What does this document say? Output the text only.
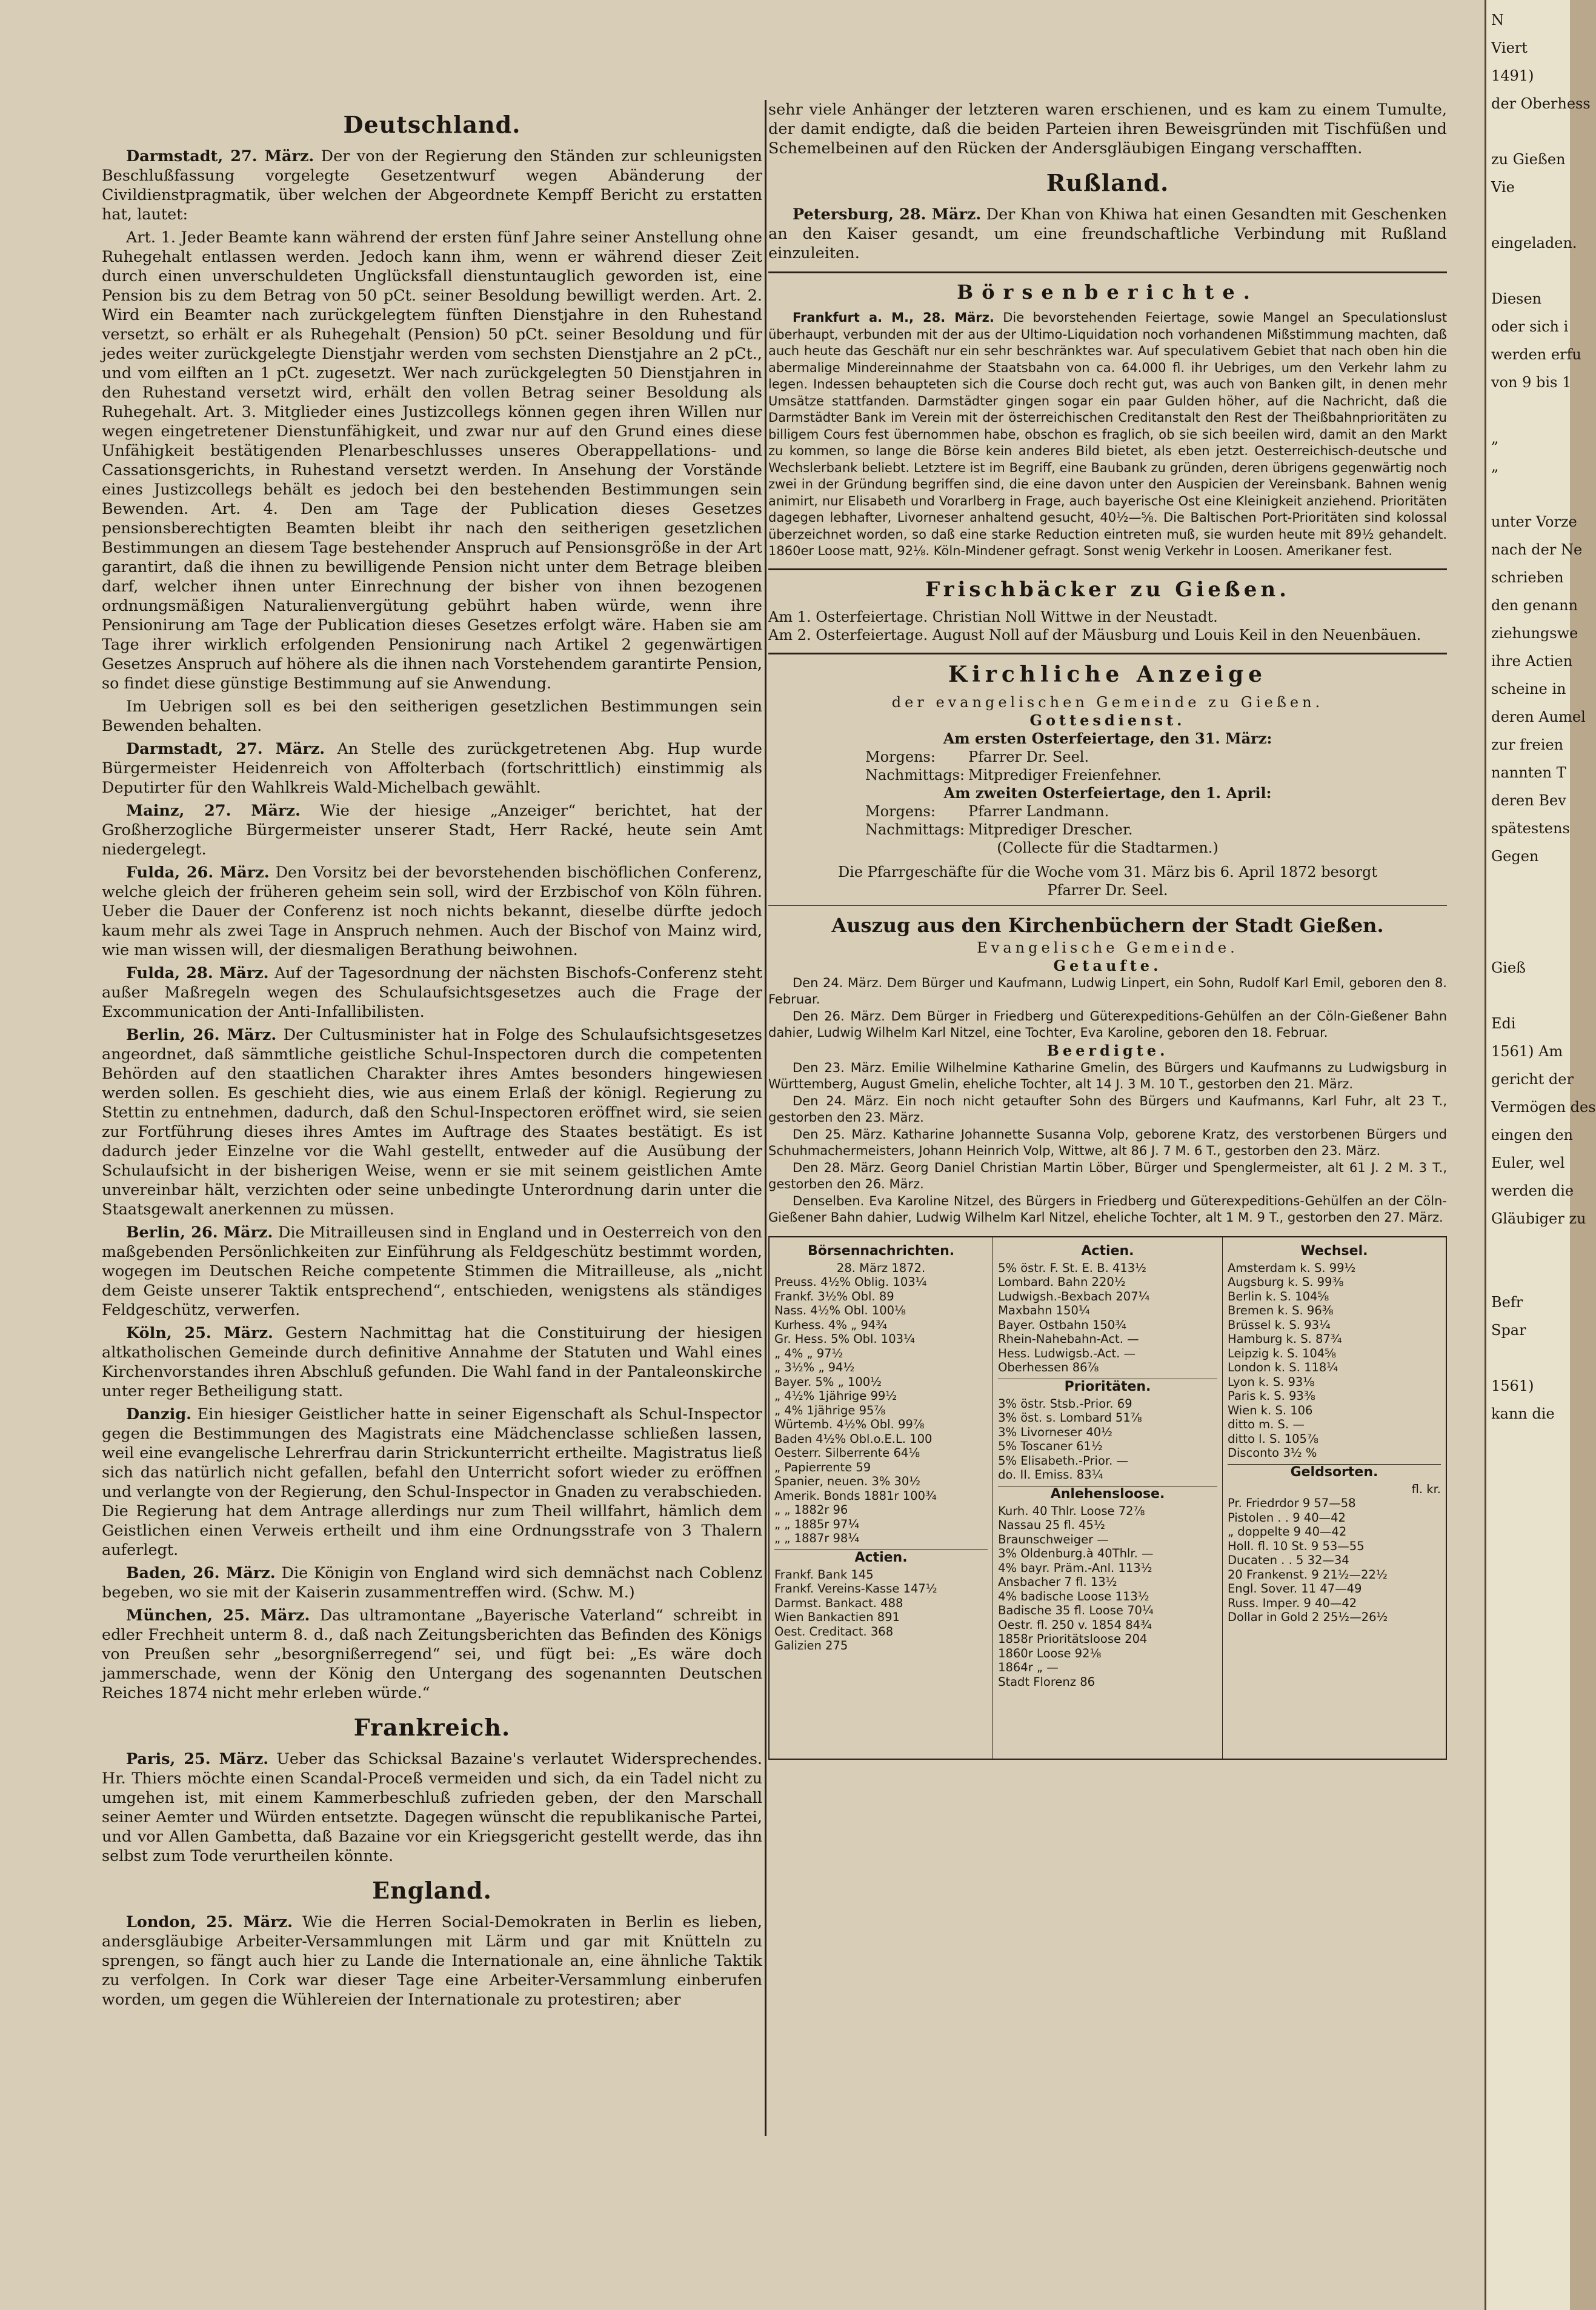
Deutschland.

Darmstadt, 27. März. Der von der Regierung den Ständen zur schleunigsten Beschlußfassung vorgelegte Gesetzentwurf wegen Abänderung der Civildienstpragmatik, über welchen der Abgeordnete Kempff Bericht zu erstatten hat, lautet:

Art. 1. Jeder Beamte kann während der ersten fünf Jahre seiner Anstellung ohne Ruhegehalt entlassen werden. Jedoch kann ihm, wenn er während dieser Zeit durch einen unverschuldeten Unglücksfall dienstuntauglich geworden ist, eine Pension bis zu dem Betrag von 50 pCt. seiner Besoldung bewilligt werden. Art. 2. Wird ein Beamter nach zurückgelegtem fünften Dienstjahre in den Ruhestand versetzt, so erhält er als Ruhegehalt (Pension) 50 pCt. seiner Besoldung und für jedes weiter zurückgelegte Dienstjahr werden vom sechsten Dienstjahre an 2 pCt., und vom eilften an 1 pCt. zugesetzt. Wer nach zurückgelegten 50 Dienstjahren in den Ruhestand versetzt wird, erhält den vollen Betrag seiner Besoldung als Ruhegehalt. Art. 3. Mitglieder eines Justizcollegs können gegen ihren Willen nur wegen eingetretener Dienstunfähigkeit, und zwar nur auf den Grund eines diese Unfähigkeit bestätigenden Plenarbeschlusses unseres Oberappellations- und Cassationsgerichts, in Ruhestand versetzt werden. In Ansehung der Vorstände eines Justizcollegs behält es jedoch bei den bestehenden Bestimmungen sein Bewenden. Art. 4. Den am Tage der Publication dieses Gesetzes pensionsberechtigten Beamten bleibt ihr nach den seitherigen gesetzlichen Bestimmungen an diesem Tage bestehender Anspruch auf Pensionsgröße in der Art garantirt, daß die ihnen zu bewilligende Pension nicht unter dem Betrage bleiben darf, welcher ihnen unter Einrechnung der bisher von ihnen bezogenen ordnungsmäßigen Naturalienvergütung gebührt haben würde, wenn ihre Pensionirung am Tage der Publication dieses Gesetzes erfolgt wäre. Haben sie am Tage ihrer wirklich erfolgenden Pensionirung nach Artikel 2 gegenwärtigen Gesetzes Anspruch auf höhere als die ihnen nach Vorstehendem garantirte Pension, so findet diese günstige Bestimmung auf sie Anwendung.

Im Uebrigen soll es bei den seitherigen gesetzlichen Bestimmungen sein Bewenden behalten.

Darmstadt, 27. März. An Stelle des zurückgetretenen Abg. Hup wurde Bürgermeister Heidenreich von Affolterbach (fortschrittlich) einstimmig als Deputirter für den Wahlkreis Wald-Michelbach gewählt.

Mainz, 27. März. Wie der hiesige „Anzeiger“ berichtet, hat der Großherzogliche Bürgermeister unserer Stadt, Herr Racké, heute sein Amt niedergelegt.

Fulda, 26. März. Den Vorsitz bei der bevorstehenden bischöflichen Conferenz, welche gleich der früheren geheim sein soll, wird der Erzbischof von Köln führen. Ueber die Dauer der Conferenz ist noch nichts bekannt, dieselbe dürfte jedoch kaum mehr als zwei Tage in Anspruch nehmen. Auch der Bischof von Mainz wird, wie man wissen will, der diesmaligen Berathung beiwohnen.

Fulda, 28. März. Auf der Tagesordnung der nächsten Bischofs-Conferenz steht außer Maßregeln wegen des Schulaufsichtsgesetzes auch die Frage der Excommunication der Anti-Infallibilisten.

Berlin, 26. März. Der Cultusminister hat in Folge des Schulaufsichtsgesetzes angeordnet, daß sämmtliche geistliche Schul-Inspectoren durch die competenten Behörden auf den staatlichen Charakter ihres Amtes besonders hingewiesen werden sollen. Es geschieht dies, wie aus einem Erlaß der königl. Regierung zu Stettin zu entnehmen, dadurch, daß den Schul-Inspectoren eröffnet wird, sie seien zur Fortführung dieses ihres Amtes im Auftrage des Staates bestätigt. Es ist dadurch jeder Einzelne vor die Wahl gestellt, entweder auf die Ausübung der Schulaufsicht in der bisherigen Weise, wenn er sie mit seinem geistlichen Amte unvereinbar hält, verzichten oder seine unbedingte Unterordnung darin unter die Staatsgewalt anerkennen zu müssen.

Berlin, 26. März. Die Mitrailleusen sind in England und in Oesterreich von den maßgebenden Persönlichkeiten zur Einführung als Feldgeschütz bestimmt worden, wogegen im Deutschen Reiche competente Stimmen die Mitrailleuse, als „nicht dem Geiste unserer Taktik entsprechend“, entschieden, wenigstens als ständiges Feldgeschütz, verwerfen.

Köln, 25. März. Gestern Nachmittag hat die Constituirung der hiesigen altkatholischen Gemeinde durch definitive Annahme der Statuten und Wahl eines Kirchenvorstandes ihren Abschluß gefunden. Die Wahl fand in der Pantaleonskirche unter reger Betheiligung statt.

Danzig. Ein hiesiger Geistlicher hatte in seiner Eigenschaft als Schul-Inspector gegen die Bestimmungen des Magistrats eine Mädchenclasse schließen lassen, weil eine evangelische Lehrerfrau darin Strickunterricht ertheilte. Magistratus ließ sich das natürlich nicht gefallen, befahl den Unterricht sofort wieder zu eröffnen und verlangte von der Regierung, den Schul-Inspector in Gnaden zu verabschieden. Die Regierung hat dem Antrage allerdings nur zum Theil willfahrt, hämlich dem Geistlichen einen Verweis ertheilt und ihm eine Ordnungsstrafe von 3 Thalern auferlegt.

Baden, 26. März. Die Königin von England wird sich demnächst nach Coblenz begeben, wo sie mit der Kaiserin zusammentreffen wird. (Schw. M.)

München, 25. März. Das ultramontane „Bayerische Vaterland“ schreibt in edler Frechheit unterm 8. d., daß nach Zeitungsberichten das Befinden des Königs von Preußen sehr „besorgnißerregend“ sei, und fügt bei: „Es wäre doch jammerschade, wenn der König den Untergang des sogenannten Deutschen Reiches 1874 nicht mehr erleben würde.“

Frankreich.

Paris, 25. März. Ueber das Schicksal Bazaine's verlautet Widersprechendes. Hr. Thiers möchte einen Scandal-Proceß vermeiden und sich, da ein Tadel nicht zu umgehen ist, mit einem Kammerbeschluß zufrieden geben, der den Marschall seiner Aemter und Würden entsetzte. Dagegen wünscht die republikanische Partei, und vor Allen Gambetta, daß Bazaine vor ein Kriegsgericht gestellt werde, das ihn selbst zum Tode verurtheilen könnte.

England.

London, 25. März. Wie die Herren Social-Demokraten in Berlin es lieben, andersgläubige Arbeiter-Versammlungen mit Lärm und gar mit Knütteln zu sprengen, so fängt auch hier zu Lande die Internationale an, eine ähnliche Taktik zu verfolgen. In Cork war dieser Tage eine Arbeiter-Versammlung einberufen worden, um gegen die Wühlereien der Internationale zu protestiren; aber

sehr viele Anhänger der letzteren waren erschienen, und es kam zu einem Tumulte, der damit endigte, daß die beiden Parteien ihren Beweisgründen mit Tischfüßen und Schemelbeinen auf den Rücken der Andersgläubigen Eingang verschafften.

Rußland.

Petersburg, 28. März. Der Khan von Khiwa hat einen Gesandten mit Geschenken an den Kaiser gesandt, um eine freundschaftliche Verbindung mit Rußland einzuleiten.

Börsenberichte.

Frankfurt a. M., 28. März. Die bevorstehenden Feiertage, sowie Mangel an Speculationslust überhaupt, verbunden mit der aus der Ultimo-Liquidation noch vorhandenen Mißstimmung machten, daß auch heute das Geschäft nur ein sehr beschränktes war. Auf speculativem Gebiet that nach oben hin die abermalige Mindereinnahme der Staatsbahn von ca. 64.000 fl. ihr Uebriges, um den Verkehr lahm zu legen. Indessen behaupteten sich die Course doch recht gut, was auch von Banken gilt, in denen mehr Umsätze stattfanden. Darmstädter gingen sogar ein paar Gulden höher, auf die Nachricht, daß die Darmstädter Bank im Verein mit der österreichischen Creditanstalt den Rest der Theißbahnprioritäten zu billigem Cours fest übernommen habe, obschon es fraglich, ob sie sich beeilen wird, damit an den Markt zu kommen, so lange die Börse kein anderes Bild bietet, als eben jetzt. Oesterreichisch-deutsche und Wechslerbank beliebt. Letztere ist im Begriff, eine Baubank zu gründen, deren übrigens gegenwärtig noch zwei in der Gründung begriffen sind, die eine davon unter den Auspicien der Vereinsbank. Bahnen wenig animirt, nur Elisabeth und Vorarlberg in Frage, auch bayerische Ost eine Kleinigkeit anziehend. Prioritäten dagegen lebhafter, Livorneser anhaltend gesucht, 40½—⅝. Die Baltischen Port-Prioritäten sind kolossal überzeichnet worden, so daß eine starke Reduction eintreten muß, sie wurden heute mit 89½ gehandelt. 1860er Loose matt, 92⅛. Köln-Mindener gefragt. Sonst wenig Verkehr in Loosen. Amerikaner fest.

Frischbäcker zu Gießen.

Am 1. Osterfeiertage. Christian Noll Wittwe in der Neustadt.

Am 2. Osterfeiertage. August Noll auf der Mäusburg und Louis Keil in den Neuenbäuen.

Kirchliche Anzeige

der evangelischen Gemeinde zu Gießen.

Gottesdienst.

Am ersten Osterfeiertage, den 31. März:

Morgens: Pfarrer Dr. Seel.

Nachmittags: Mitprediger Freienfehner.

Am zweiten Osterfeiertage, den 1. April:

Morgens: Pfarrer Landmann.

Nachmittags: Mitprediger Drescher.

(Collecte für die Stadtarmen.)

Die Pfarrgeschäfte für die Woche vom 31. März bis 6. April 1872 besorgt

Pfarrer Dr. Seel.

Auszug aus den Kirchenbüchern der Stadt Gießen.

Evangelische Gemeinde.

Getaufte.

Den 24. März. Dem Bürger und Kaufmann, Ludwig Linpert, ein Sohn, Rudolf Karl Emil, geboren den 8. Februar.

Den 26. März. Dem Bürger in Friedberg und Güterexpeditions-Gehülfen an der Cöln-Gießener Bahn dahier, Ludwig Wilhelm Karl Nitzel, eine Tochter, Eva Karoline, geboren den 18. Februar.

Beerdigte.

Den 23. März. Emilie Wilhelmine Katharine Gmelin, des Bürgers und Kaufmanns zu Ludwigsburg in Württemberg, August Gmelin, eheliche Tochter, alt 14 J. 3 M. 10 T., gestorben den 21. März.

Den 24. März. Ein noch nicht getaufter Sohn des Bürgers und Kaufmanns, Karl Fuhr, alt 23 T., gestorben den 23. März.

Den 25. März. Katharine Johannette Susanna Volp, geborene Kratz, des verstorbenen Bürgers und Schuhmachermeisters, Johann Heinrich Volp, Wittwe, alt 86 J. 7 M. 6 T., gestorben den 23. März.

Den 28. März. Georg Daniel Christian Martin Löber, Bürger und Spenglermeister, alt 61 J. 2 M. 3 T., gestorben den 26. März.

Denselben. Eva Karoline Nitzel, des Bürgers in Friedberg und Güterexpeditions-Gehülfen an der Cöln-Gießener Bahn dahier, Ludwig Wilhelm Karl Nitzel, eheliche Tochter, alt 1 M. 9 T., gestorben den 27. März.

Börsennachrichten.
28. März 1872.
Preuss. 4½% Oblig. 103¼
Frankf. 3½% Obl. 89
Nass. 4½% Obl. 100⅛
Kurhess. 4% „ 94¾
Gr. Hess. 5% Obl. 103¼
„ 4% „ 97½
„ 3½% „ 94½
Bayer. 5% „ 100½
„ 4½% 1jährige 99½
„ 4% 1jährige 95⅞
Würtemb. 4½% Obl. 99⅞
Baden 4½% Obl.o.E.L. 100
Oesterr. Silberrente 64⅛
„ Papierrente 59
Spanier, neuen. 3% 30½
Amerik. Bonds 1881r 100¾
„ „ 1882r 96
„ „ 1885r 97¼
„ „ 1887r 98¼
Actien.
Frankf. Bank 145
Frankf. Vereins-Kasse 147½
Darmst. Bankact. 488
Wien Bankactien 891
Oest. Creditact. 368
Galizien 275
Actien.
5% östr. F. St. E. B. 413½
Lombard. Bahn 220½
Ludwigsh.-Bexbach 207¼
Maxbahn 150¼
Bayer. Ostbahn 150¾
Rhein-Nahebahn-Act. —
Hess. Ludwigsb.-Act. —
Oberhessen 86⅞
Prioritäten.
3% östr. Stsb.-Prior. 69
3% öst. s. Lombard 51⅞
3% Livorneser 40½
5% Toscaner 61½
5% Elisabeth.-Prior. —
do. II. Emiss. 83¼
Anlehensloose.
Kurh. 40 Thlr. Loose 72⅞
Nassau 25 fl. 45½
Braunschweiger —
3% Oldenburg.à 40Thlr. —
4% bayr. Präm.-Anl. 113½
Ansbacher 7 fl. 13½
4% badische Loose 113½
Badische 35 fl. Loose 70¼
Oestr. fl. 250 v. 1854 84¾
1858r Prioritätsloose 204
1860r Loose 92⅛
1864r „ —
Stadt Florenz 86
Wechsel.
Amsterdam k. S. 99½
Augsburg k. S. 99⅜
Berlin k. S. 104⅝
Bremen k. S. 96⅜
Brüssel k. S. 93¼
Hamburg k. S. 87¾
Leipzig k. S. 104⅝
London k. S. 118¼
Lyon k. S. 93⅛
Paris k. S. 93⅜
Wien k. S. 106
ditto m. S. —
ditto l. S. 105⅞
Disconto 3½ %
Geldsorten.
fl. kr.
Pr. Friedrdor 9 57—58
Pistolen . . 9 40—42
„ doppelte 9 40—42
Holl. fl. 10 St. 9 53—55
Ducaten . . 5 32—34
20 Frankenst. 9 21½—22½
Engl. Sover. 11 47—49
Russ. Imper. 9 40—42
Dollar in Gold 2 25½—26½
N
Viert
1491)
der Oberhess

zu Gießen
Vie

eingeladen.

Diesen
oder sich i
werden erfu
von 9 bis 1

„
„

unter Vorze
nach der Ne
schrieben
den genann
ziehungswe
ihre Actien
scheine in
deren Aumel
zur freien
nannten T
deren Bev
spätestens
Gegen

Gieß

Edi
1561) Am
gericht der
Vermögen des
eingen den
Euler, wel
werden die
Gläubiger zu

Befr
Spar

1561)
kann die
